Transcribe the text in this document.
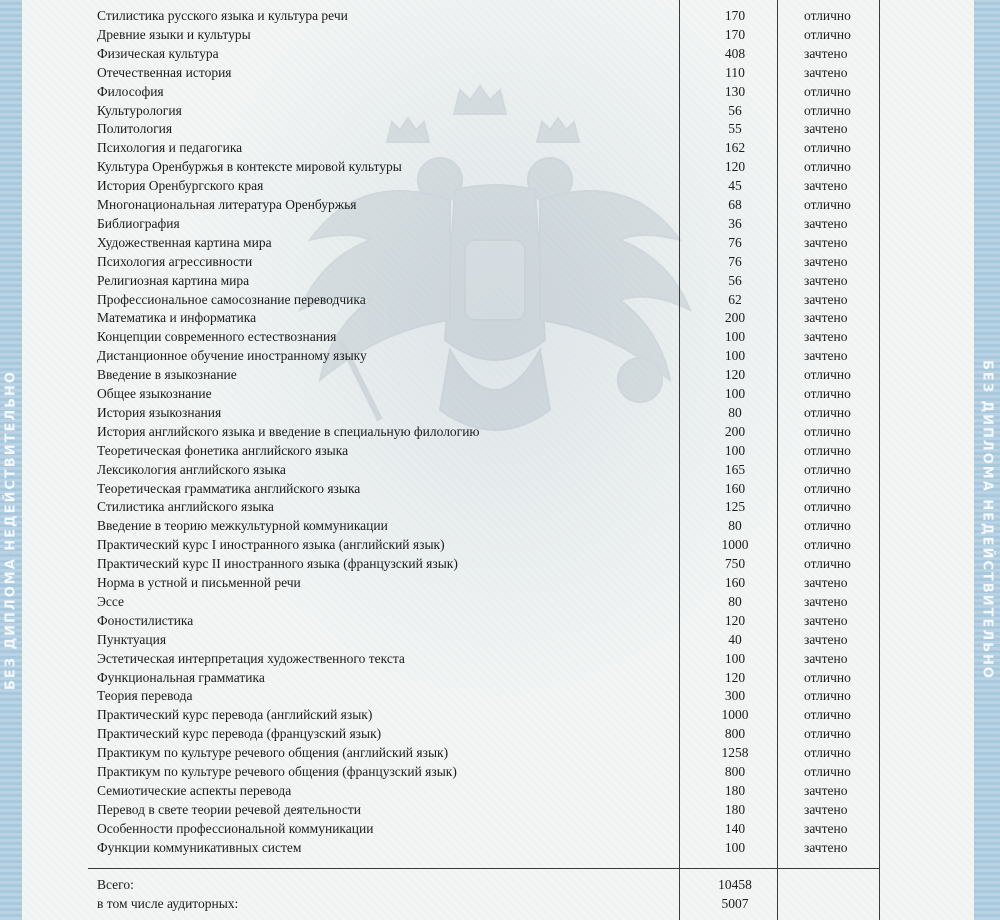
БЕЗ ДИПЛОМА НЕДЕЙСТВИТЕЛЬНО	БЕЗ ДИПЛОМА НЕДЕЙСТВИТЕЛЬНО
Стилистика русского языка и культура речи	170	отлично
Древние языки и культуры	170	отлично
Физическая культура	408	зачтено
Отечественная история	110	зачтено
Философия	130	отлично
Культурология	56	отлично
Политология	55	зачтено
Психология и педагогика	162	отлично
Культура Оренбуржья в контексте мировой культуры	120	отлично
История Оренбургского края	45	зачтено
Многонациональная литература Оренбуржья	68	отлично
Библиография	36	зачтено
Художественная картина мира	76	зачтено
Психология агрессивности	76	зачтено
Религиозная картина мира	56	зачтено
Профессиональное самосознание переводчика	62	зачтено
Математика и информатика	200	зачтено
Концепции современного естествознания	100	зачтено
Дистанционное обучение иностранному языку	100	зачтено
Введение в языкознание	120	отлично
Общее языкознание	100	отлично
История языкознания	80	отлично
История английского языка и введение в специальную филологию	200	отлично
Теоретическая фонетика английского языка	100	отлично
Лексикология английского языка	165	отлично
Теоретическая грамматика английского языка	160	отлично
Стилистика английского языка	125	отлично
Введение в теорию межкультурной коммуникации	80	отлично
Практический курс I иностранного языка (английский язык)	1000	отлично
Практический курс II иностранного языка (французский язык)	750	отлично
Норма в устной и письменной речи	160	зачтено
Эссе	80	зачтено
Фоностилистика	120	зачтено
Пунктуация	40	зачтено
Эстетическая интерпретация художественного текста	100	зачтено
Функциональная грамматика	120	отлично
Теория перевода	300	отлично
Практический курс перевода (английский язык)	1000	отлично
Практический курс перевода (французский язык)	800	отлично
Практикум по культуре речевого общения (английский язык)	1258	отлично
Практикум по культуре речевого общения (французский язык)	800	отлично
Семиотические аспекты перевода	180	зачтено
Перевод в свете теории речевой деятельности	180	зачтено
Особенности профессиональной коммуникации	140	зачтено
Функции коммуникативных систем	100	зачтено
Всего:	10458
в том числе аудиторных:	5007
